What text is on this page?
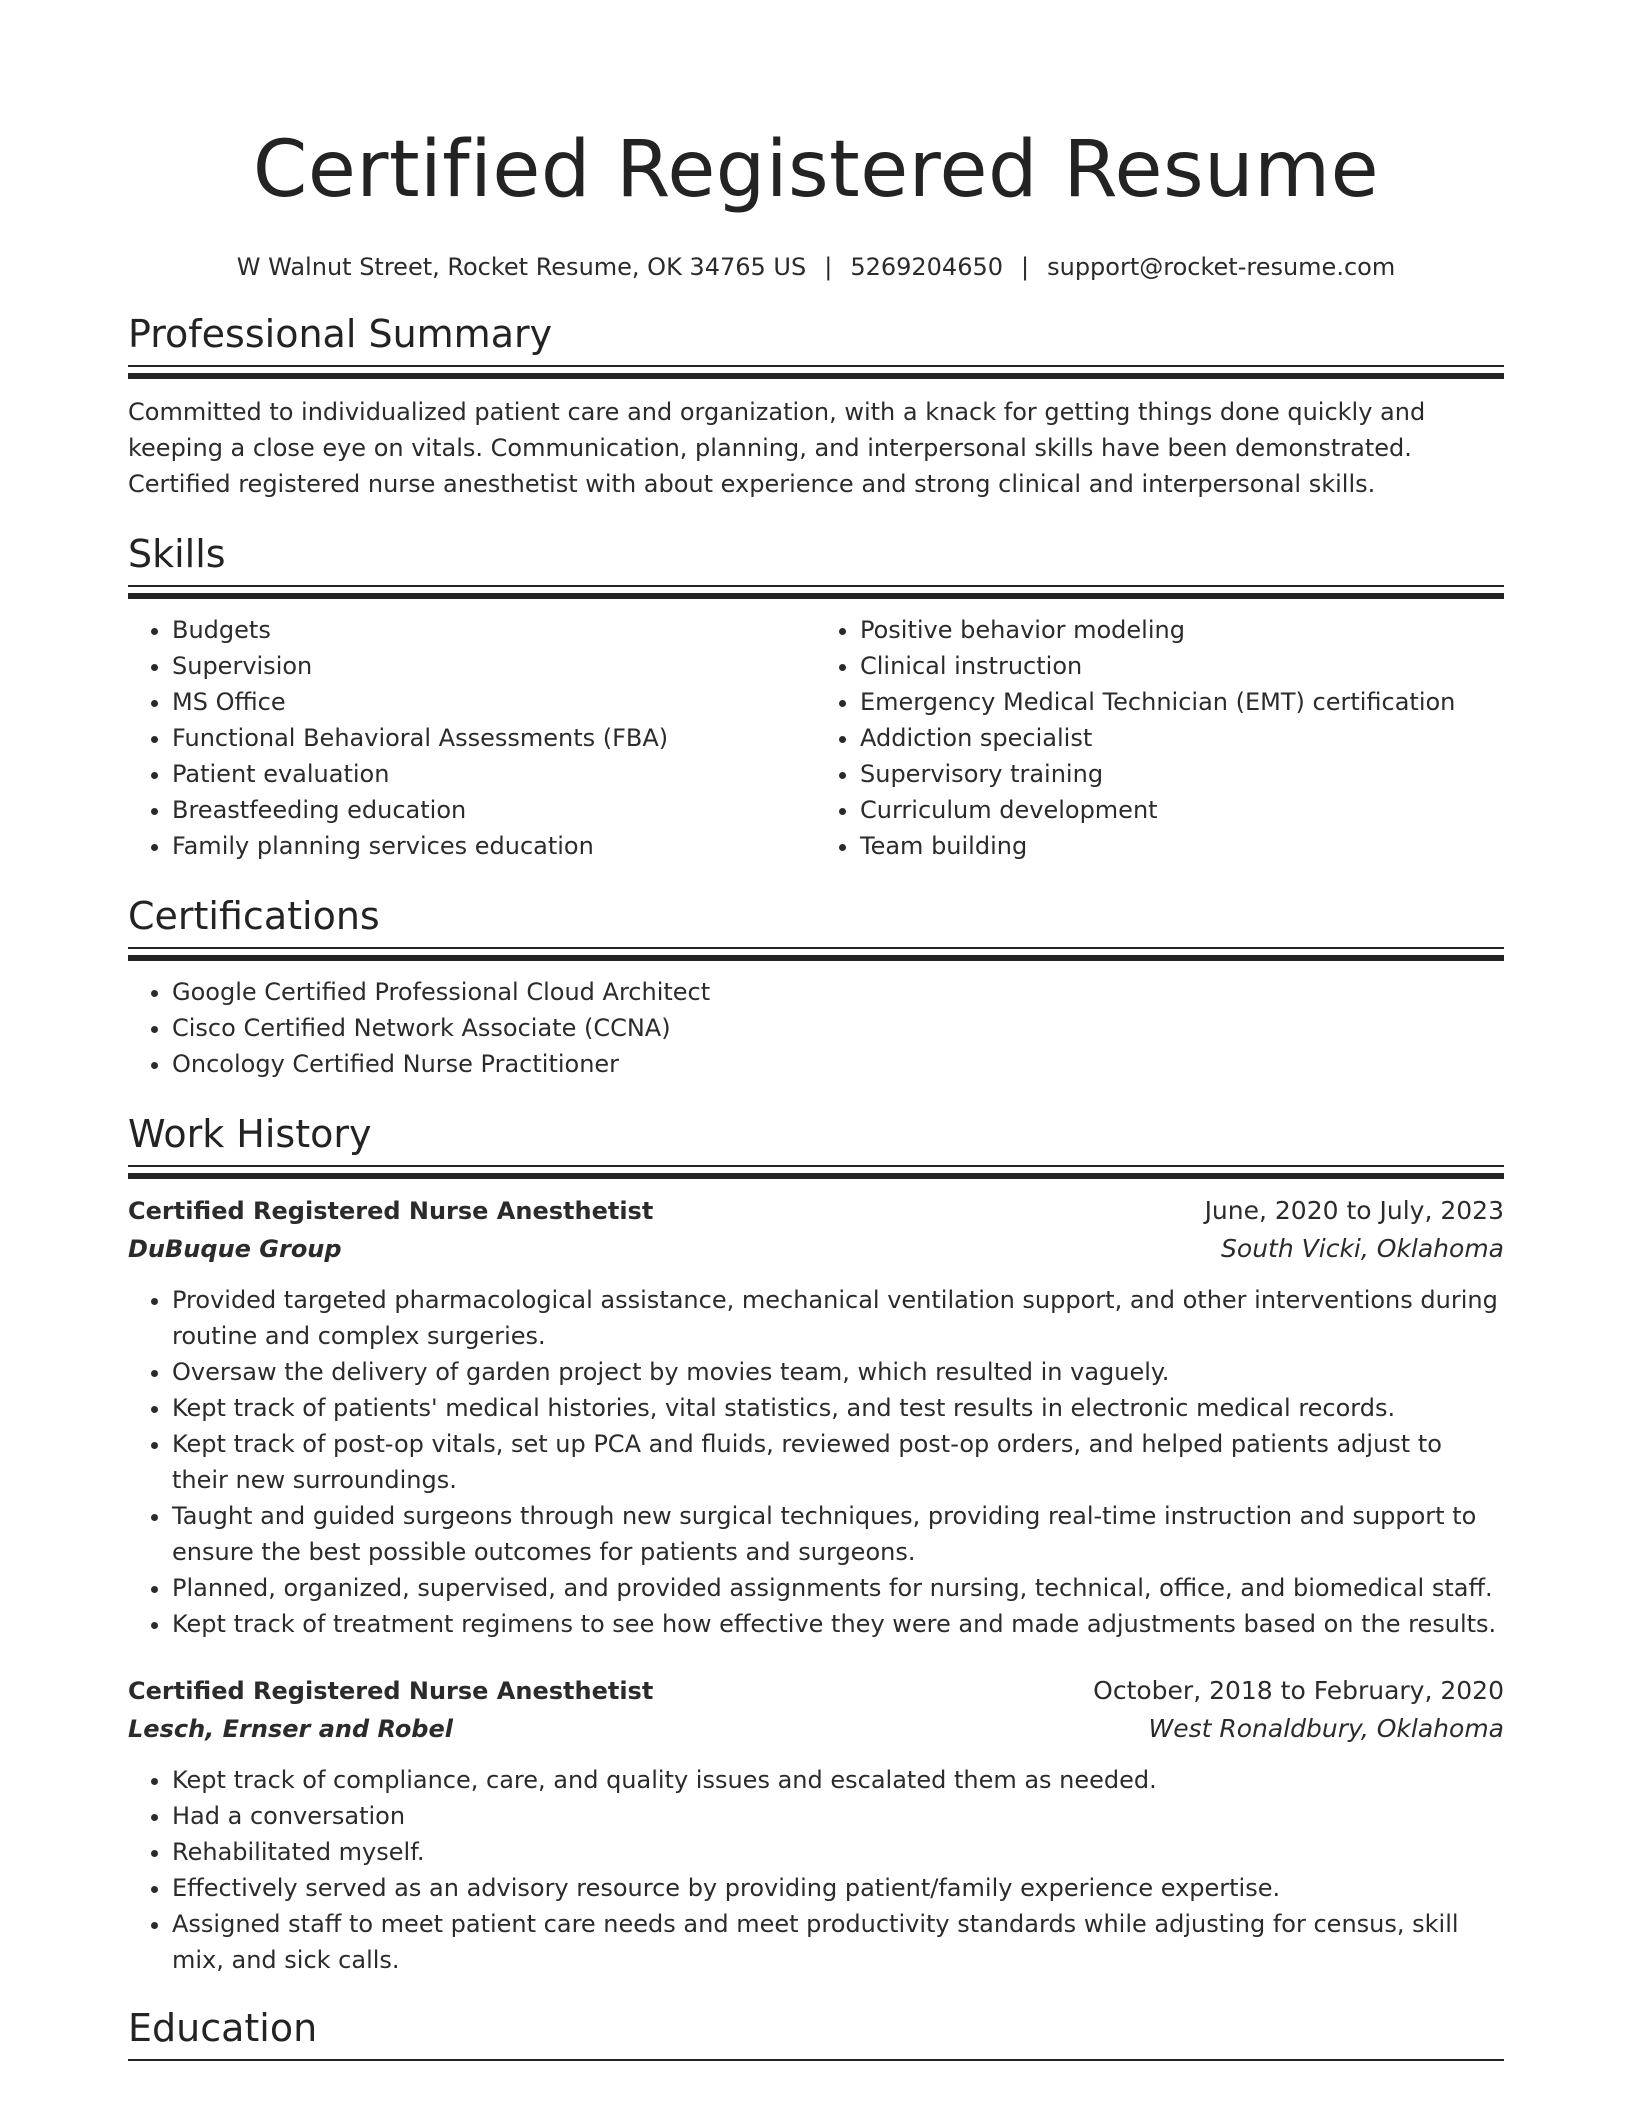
Certified Registered Resume
W Walnut Street, Rocket Resume, OK 34765 US | 5269204650 | support@rocket-resume.com
Professional Summary

Committed to individualized patient care and organization, with a knack for getting things done quickly and keeping a close eye on vitals. Communication, planning, and interpersonal skills have been demonstrated. Certified registered nurse anesthetist with about experience and strong clinical and interpersonal skills.

Skills
• Budgets
• Supervision
• MS Office
• Functional Behavioral Assessments (FBA)
• Patient evaluation
• Breastfeeding education
• Family planning services education
• Positive behavior modeling
• Clinical instruction
• Emergency Medical Technician (EMT) certification
• Addiction specialist
• Supervisory training
• Curriculum development
• Team building
Certifications
• Google Certified Professional Cloud Architect
• Cisco Certified Network Associate (CCNA)
• Oncology Certified Nurse Practitioner
Work History
Certified Registered Nurse Anesthetist	June, 2020 to July, 2023
DuBuque Group	South Vicki, Oklahoma
• Provided targeted pharmacological assistance, mechanical ventilation support, and other interventions during routine and complex surgeries.
• Oversaw the delivery of garden project by movies team, which resulted in vaguely.
• Kept track of patients' medical histories, vital statistics, and test results in electronic medical records.
• Kept track of post-op vitals, set up PCA and fluids, reviewed post-op orders, and helped patients adjust to their new surroundings.
• Taught and guided surgeons through new surgical techniques, providing real-time instruction and support to ensure the best possible outcomes for patients and surgeons.
• Planned, organized, supervised, and provided assignments for nursing, technical, office, and biomedical staff.
• Kept track of treatment regimens to see how effective they were and made adjustments based on the results.
Certified Registered Nurse Anesthetist	October, 2018 to February, 2020
Lesch, Ernser and Robel	West Ronaldbury, Oklahoma
• Kept track of compliance, care, and quality issues and escalated them as needed.
• Had a conversation
• Rehabilitated myself.
• Effectively served as an advisory resource by providing patient/family experience expertise.
• Assigned staff to meet patient care needs and meet productivity standards while adjusting for census, skill mix, and sick calls.
Education
